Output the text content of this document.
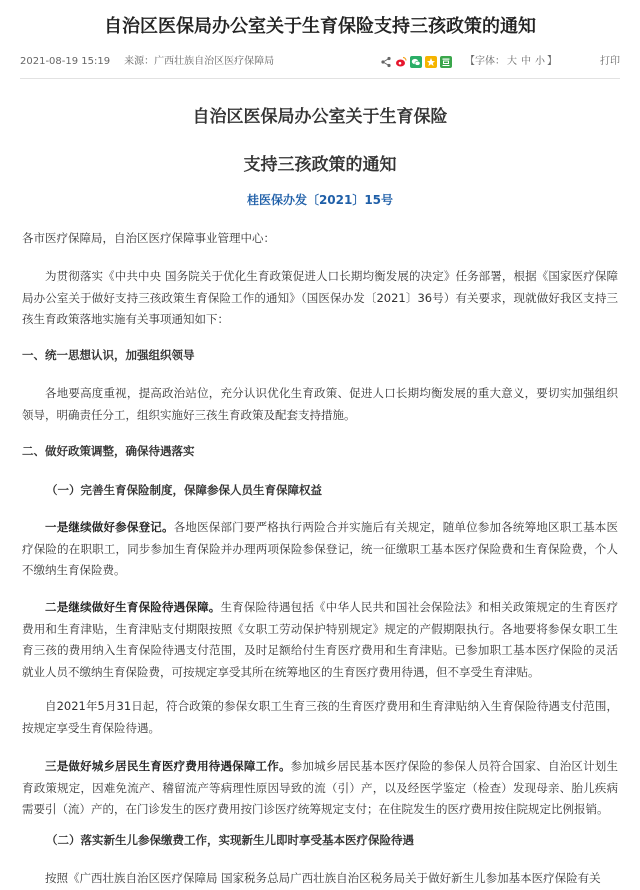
自治区医保局办公室关于生育保险支持三孩政策的通知
2021-08-19 15:19 来源：广西壮族自治区医疗保障局	【字体： 大 中 小 】	打印
自治区医保局办公室关于生育保险
支持三孩政策的通知
桂医保办发〔2021〕15号
各市医疗保障局，自治区医疗保障事业管理中心：
为贯彻落实《中共中央 国务院关于优化生育政策促进人口长期均衡发展的决定》任务部署，根据《国家医疗保障局办公室关于做好支持三孩政策生育保险工作的通知》（国医保办发〔2021〕36号）有关要求，现就做好我区支持三孩生育政策落地实施有关事项通知如下：
一、统一思想认识，加强组织领导
各地要高度重视，提高政治站位，充分认识优化生育政策、促进人口长期均衡发展的重大意义，要切实加强组织领导，明确责任分工，组织实施好三孩生育政策及配套支持措施。
二、做好政策调整，确保待遇落实
（一）完善生育保险制度，保障参保人员生育保障权益
一是继续做好参保登记。各地医保部门要严格执行两险合并实施后有关规定，随单位参加各统筹地区职工基本医疗保险的在职职工，同步参加生育保险并办理两项保险参保登记，统一征缴职工基本医疗保险费和生育保险费，个人不缴纳生育保险费。
二是继续做好生育保险待遇保障。生育保险待遇包括《中华人民共和国社会保险法》和相关政策规定的生育医疗费用和生育津贴，生育津贴支付期限按照《女职工劳动保护特别规定》规定的产假期限执行。各地要将参保女职工生育三孩的费用纳入生育保险待遇支付范围，及时足额给付生育医疗费用和生育津贴。已参加职工基本医疗保险的灵活就业人员不缴纳生育保险费，可按规定享受其所在统筹地区的生育医疗费用待遇，但不享受生育津贴。
自2021年5月31日起，符合政策的参保女职工生育三孩的生育医疗费用和生育津贴纳入生育保险待遇支付范围，按规定享受生育保险待遇。
三是做好城乡居民生育医疗费用待遇保障工作。参加城乡居民基本医疗保险的参保人员符合国家、自治区计划生育政策规定，因难免流产、稽留流产等病理性原因导致的流（引）产，以及经医学鉴定（检查）发现母亲、胎儿疾病需要引（流）产的，在门诊发生的医疗费用按门诊医疗统筹规定支付；在住院发生的医疗费用按住院规定比例报销。
（二）落实新生儿参保缴费工作，实现新生儿即时享受基本医疗保险待遇
按照《广西壮族自治区医疗保障局 国家税务总局广西壮族自治区税务局关于做好新生儿参加基本医疗保险有关
